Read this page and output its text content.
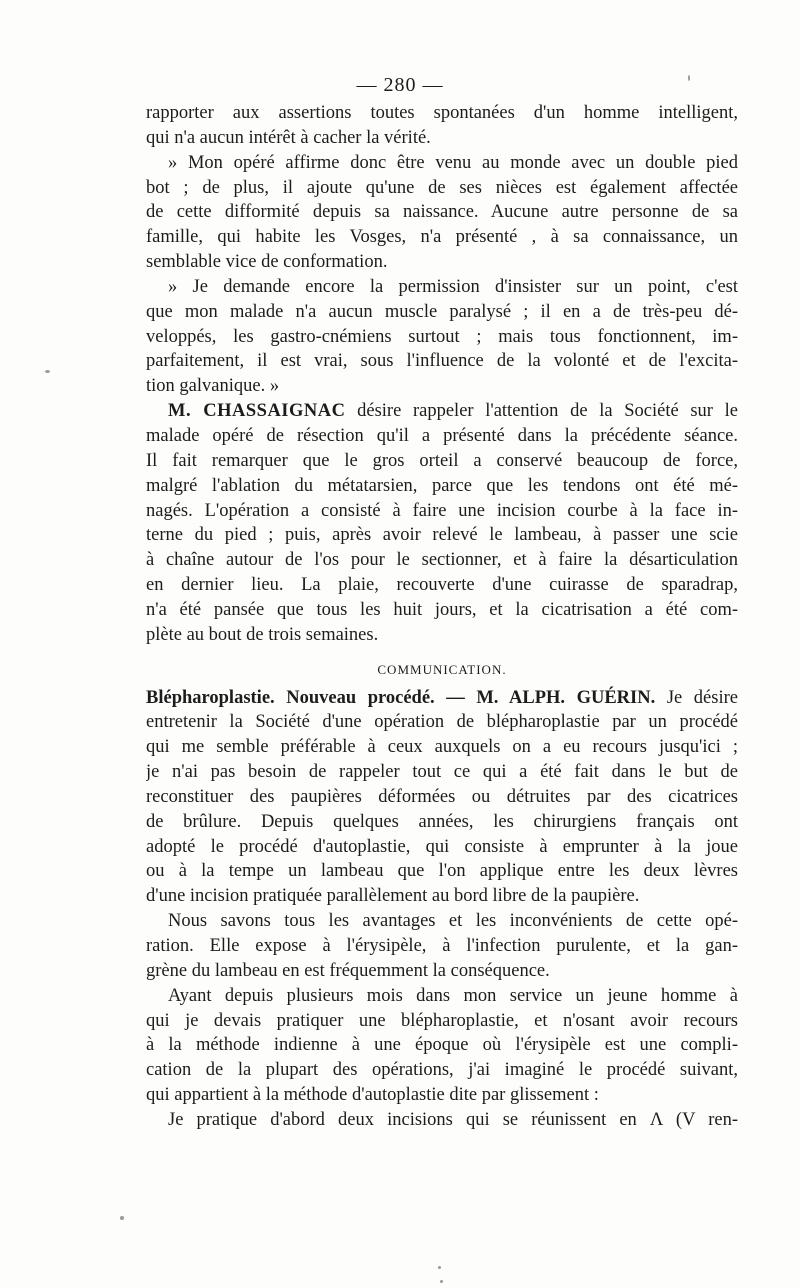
— 280 —
rapporter aux assertions toutes spontanées d'un homme intelligent,
qui n'a aucun intérêt à cacher la vérité.
» Mon opéré affirme donc être venu au monde avec un double pied
bot ; de plus, il ajoute qu'une de ses nièces est également affectée
de cette difformité depuis sa naissance. Aucune autre personne de sa
famille, qui habite les Vosges, n'a présenté , à sa connaissance, un
semblable vice de conformation.
» Je demande encore la permission d'insister sur un point, c'est
que mon malade n'a aucun muscle paralysé ; il en a de très-peu dé-
veloppés, les gastro-cnémiens surtout ; mais tous fonctionnent, im-
parfaitement, il est vrai, sous l'influence de la volonté et de l'excita-
tion galvanique. »
M. CHASSAIGNAC désire rappeler l'attention de la Société sur le
malade opéré de résection qu'il a présenté dans la précédente séance.
Il fait remarquer que le gros orteil a conservé beaucoup de force,
malgré l'ablation du métatarsien, parce que les tendons ont été mé-
nagés. L'opération a consisté à faire une incision courbe à la face in-
terne du pied ; puis, après avoir relevé le lambeau, à passer une scie
à chaîne autour de l'os pour le sectionner, et à faire la désarticulation
en dernier lieu. La plaie, recouverte d'une cuirasse de sparadrap,
n'a été pansée que tous les huit jours, et la cicatrisation a été com-
plète au bout de trois semaines.
COMMUNICATION.
Blépharoplastie. Nouveau procédé. — M. ALPH. GUÉRIN. Je désire
entretenir la Société d'une opération de blépharoplastie par un procédé
qui me semble préférable à ceux auxquels on a eu recours jusqu'ici ;
je n'ai pas besoin de rappeler tout ce qui a été fait dans le but de
reconstituer des paupières déformées ou détruites par des cicatrices
de brûlure. Depuis quelques années, les chirurgiens français ont
adopté le procédé d'autoplastie, qui consiste à emprunter à la joue
ou à la tempe un lambeau que l'on applique entre les deux lèvres
d'une incision pratiquée parallèlement au bord libre de la paupière.
Nous savons tous les avantages et les inconvénients de cette opé-
ration. Elle expose à l'érysipèle, à l'infection purulente, et la gan-
grène du lambeau en est fréquemment la conséquence.
Ayant depuis plusieurs mois dans mon service un jeune homme à
qui je devais pratiquer une blépharoplastie, et n'osant avoir recours
à la méthode indienne à une époque où l'érysipèle est une compli-
cation de la plupart des opérations, j'ai imaginé le procédé suivant,
qui appartient à la méthode d'autoplastie dite par glissement :
Je pratique d'abord deux incisions qui se réunissent en Λ (V ren-
